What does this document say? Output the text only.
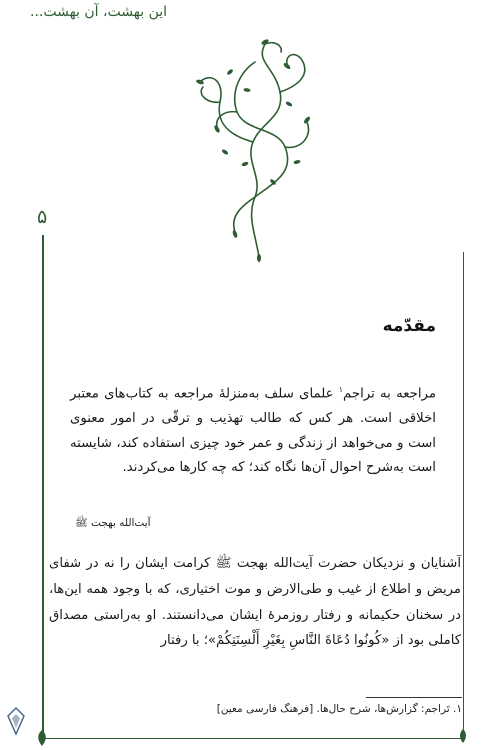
این بهشت، آن بهشت...
۵
مقدّمه

مراجعه به تراجم$^۱$ علمای سلف به‌منزلهٔ مراجعه به کتاب‌های معتبر اخلاقی است. هر کس که طالب تهذیب و ترقّی در امور معنوی است و می‌خواهد از زندگی و عمر خود چیزی استفاده کند، شایسته است به‌شرح احوال آن‌ها نگاه کند؛ که چه کارها می‌کردند.

آیت‌الله بهجت ﷺ

آشنایان و نزدیکان حضرت آیت‌الله بهجت ﷺ کرامت ایشان را نه در شفای مریض و اطلاع از غیب و طی‌الارض و موت اختیاری، که با وجود همه این‌ها، در سخنان حکیمانه و رفتار روزمرهٔ ایشان می‌دانستند. او به‌راستی مصداق کاملی بود از «کُونُوا دُعَاةَ النَّاسِ بِغَیْرِ أَلْسِنَتِکُمْ»؛ با رفتار

۱. تَراجم: گزارش‌ها، شرح حال‌ها. [فرهنگ فارسی معین]
